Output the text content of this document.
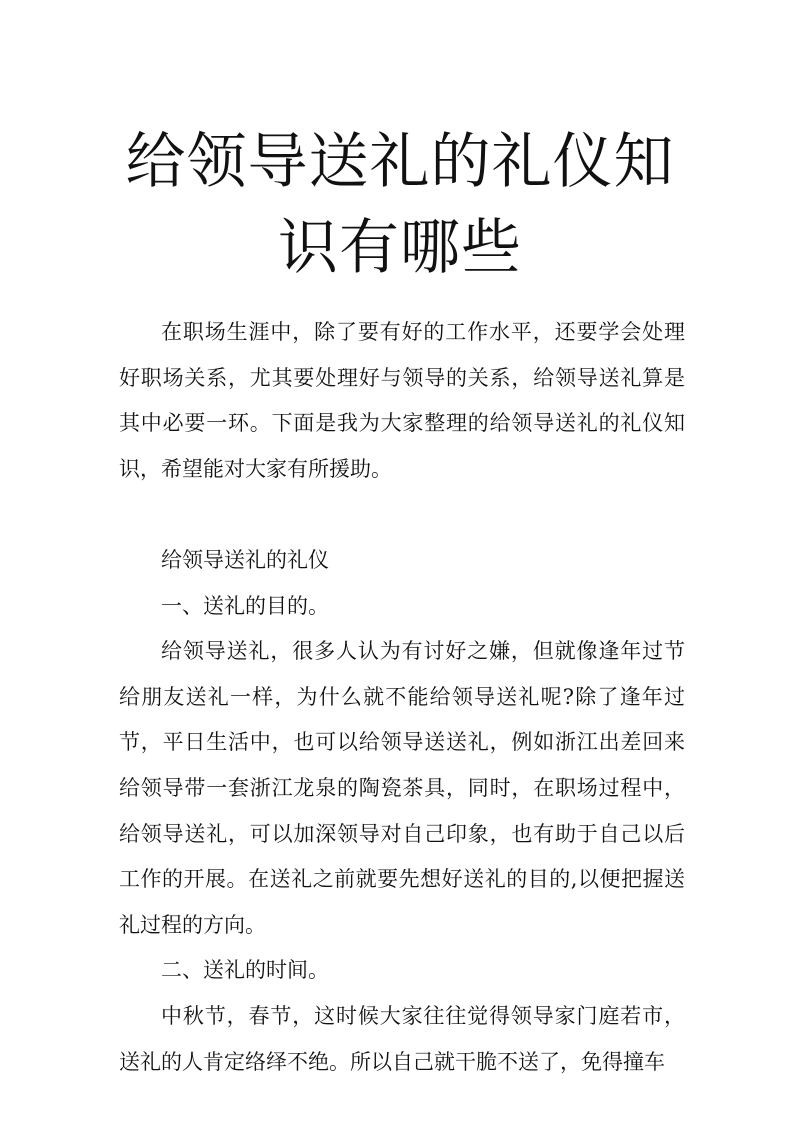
给领导送礼的礼仪知
识有哪些

在职场生涯中，除了要有好的工作水平，还要学会处理好职场关系，尤其要处理好与领导的关系，给领导送礼算是其中必要一环。下面是我为大家整理的给领导送礼的礼仪知识，希望能对大家有所援助。

给领导送礼的礼仪

一、送礼的目的。

给领导送礼，很多人认为有讨好之嫌，但就像逢年过节给朋友送礼一样，为什么就不能给领导送礼呢?除了逢年过节，平日生活中，也可以给领导送送礼，例如浙江出差回来给领导带一套浙江龙泉的陶瓷茶具，同时，在职场过程中，给领导送礼，可以加深领导对自己印象，也有助于自己以后工作的开展。在送礼之前就要先想好送礼的目的,以便把握送礼过程的方向。

二、送礼的时间。

中秋节，春节，这时候大家往往觉得领导家门庭若市，送礼的人肯定络绎不绝。所以自己就干脆不送了，免得撞车
